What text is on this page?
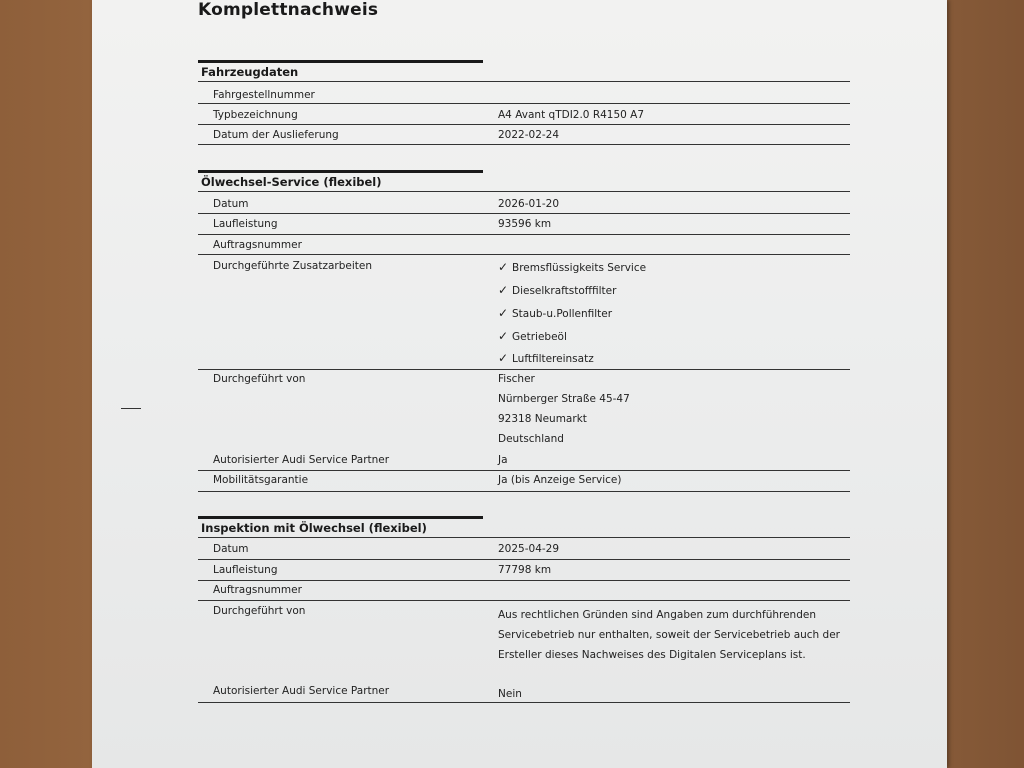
Komplettnachweis
Fahrzeugdaten
Fahrgestellnummer
Typbezeichnung	A4 Avant qTDI2.0 R4150 A7
Datum der Auslieferung	2022-02-24
Ölwechsel-Service (flexibel)
Datum	2026-01-20
Laufleistung	93596 km
Auftragsnummer
Durchgeführte Zusatzarbeiten	✓ Bremsflüssigkeits Service
✓ Dieselkraftstofffilter
✓ Staub-u.Pollenfilter
✓ Getriebeöl
✓ Luftfiltereinsatz
Durchgeführt von	Fischer
Nürnberger Straße 45-47
92318 Neumarkt
Deutschland
Autorisierter Audi Service Partner	Ja
Mobilitätsgarantie	Ja (bis Anzeige Service)
Inspektion mit Ölwechsel (flexibel)
Datum	2025-04-29
Laufleistung	77798 km
Auftragsnummer
Durchgeführt von	Aus rechtlichen Gründen sind Angaben zum durchführenden
Servicebetrieb nur enthalten, soweit der Servicebetrieb auch der
Ersteller dieses Nachweises des Digitalen Serviceplans ist.
Autorisierter Audi Service Partner	Nein
